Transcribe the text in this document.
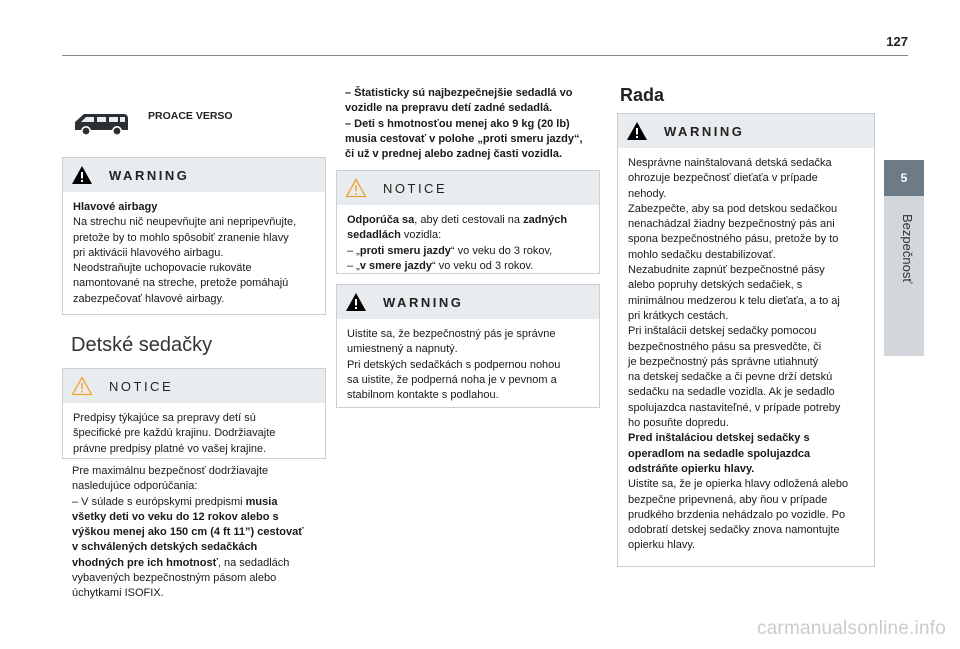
127
5
Bezpečnosť
PROACE VERSO
WARNING

Hlavové airbagy

Na strechu nič neupevňujte ani nepripevňujte,

pretože by to mohlo spôsobiť zranenie hlavy

pri aktivácii hlavového airbagu.

Neodstraňujte uchopovacie rukoväte

namontované na streche, pretože pomáhajú

zabezpečovať hlavové airbagy.

Detské sedačky
NOTICE

Predpisy týkajúce sa prepravy detí sú

špecifické pre každú krajinu. Dodržiavajte

právne predpisy platné vo vašej krajine.

Pre maximálnu bezpečnosť dodržiavajte

nasledujúce odporúčania:

– V súlade s európskymi predpismi musia

všetky deti vo veku do 12 rokov alebo s

výškou menej ako 150 cm (4 ft 11”) cestovať

v schválených detských sedačkách

vhodných pre ich hmotnosť, na sedadlách

vybavených bezpečnostným pásom alebo

úchytkami ISOFIX.

– Štatisticky sú najbezpečnejšie sedadlá vo

vozidle na prepravu detí zadné sedadlá.

– Deti s hmotnosťou menej ako 9 kg (20 lb)

musia cestovať v polohe „proti smeru jazdy“,

či už v prednej alebo zadnej časti vozidla.

NOTICE

Odporúča sa, aby deti cestovali na zadných

sedadlách vozidla:

– „proti smeru jazdy“ vo veku do 3 rokov,

– „v smere jazdy“ vo veku od 3 rokov.

WARNING

Uistite sa, že bezpečnostný pás je správne

umiestnený a napnutý.

Pri detských sedačkách s podpernou nohou

sa uistite, že podperná noha je v pevnom a

stabilnom kontakte s podlahou.

Rada
WARNING

Nesprávne nainštalovaná detská sedačka

ohrozuje bezpečnosť dieťaťa v prípade

nehody.

Zabezpečte, aby sa pod detskou sedačkou

nenachádzal žiadny bezpečnostný pás ani

spona bezpečnostného pásu, pretože by to

mohlo sedačku destabilizovať.

Nezabudnite zapnúť bezpečnostné pásy

alebo popruhy detských sedačiek, s

minimálnou medzerou k telu dieťaťa, a to aj

pri krátkych cestách.

Pri inštalácii detskej sedačky pomocou

bezpečnostného pásu sa presvedčte, či

je bezpečnostný pás správne utiahnutý

na detskej sedačke a či pevne drží detskú

sedačku na sedadle vozidla. Ak je sedadlo

spolujazdca nastaviteľné, v prípade potreby

ho posuňte dopredu.

Pred inštaláciou detskej sedačky s

operadlom na sedadle spolujazdca

odstráňte opierku hlavy.

Uistite sa, že je opierka hlavy odložená alebo

bezpečne pripevnená, aby ňou v prípade

prudkého brzdenia nehádzalo po vozidle. Po

odobratí detskej sedačky znova namontujte

opierku hlavy.

carmanualsonline.info
